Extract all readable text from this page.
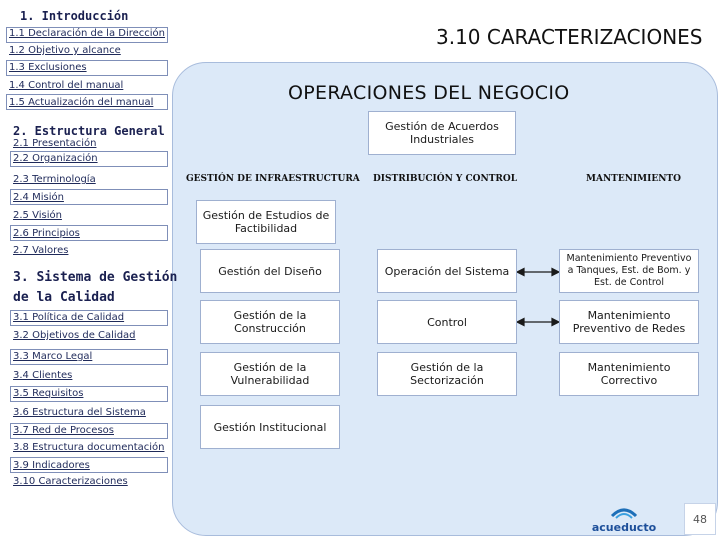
1. Introducción
1.1 Declaración de la Dirección
1.2 Objetivo y alcance
1.3 Exclusiones
1.4 Control del manual
1.5 Actualización del manual
2. Estructura General
2.1 Presentación
2.2 Organización
2.3 Terminología
2.4 Misión
2.5 Visión
2.6 Principios
2.7 Valores
3. Sistema de Gestión
de la Calidad
3.1 Política de Calidad
3.2 Objetivos de Calidad
3.3 Marco Legal
3.4 Clientes
3.5 Requisitos
3.6 Estructura del Sistema
3.7 Red de Procesos
3.8 Estructura documentación
3.9 Indicadores
3.10 Caracterizaciones
3.10 CARACTERIZACIONES
OPERACIONES DEL NEGOCIO
Gestión de Acuerdos Industriales
GESTIÓN DE INFRAESTRUCTURA DISTRIBUCIÓN Y CONTROL	MANTENIMIENTO
Gestión de Estudios de Factibilidad
Gestión del Diseño
Gestión de la Construcción
Gestión de la Vulnerabilidad
Gestión Institucional
Operación del Sistema
Control
Gestión de la Sectorización
Mantenimiento Preventivo a Tanques, Est. de Bom. y Est. de Control
Mantenimiento Preventivo de Redes
Mantenimiento Correctivo
acueducto
48
